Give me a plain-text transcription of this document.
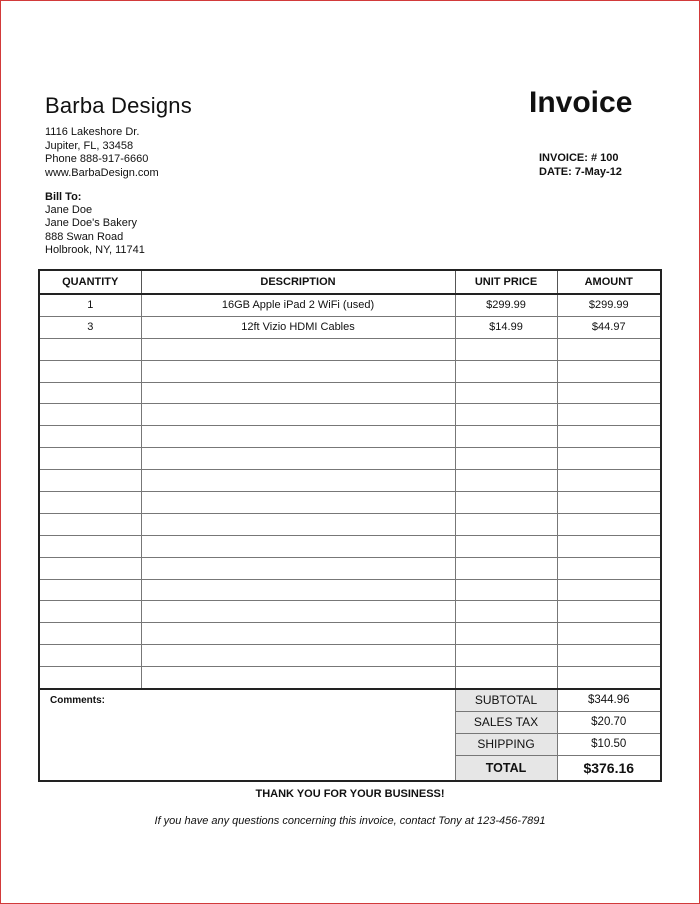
Barba Designs
1116 Lakeshore Dr.
Jupiter, FL, 33458
Phone 888-917-6660
www.BarbaDesign.com
Invoice
INVOICE: # 100
DATE: 7-May-12
Bill To:
Jane Doe
Jane Doe's Bakery
888 Swan Road
Holbrook, NY, 11741
QUANTITY	DESCRIPTION	UNIT PRICE	AMOUNT
1	16GB Apple iPad 2 WiFi (used)	$299.99	$299.99
3	12ft Vizio HDMI Cables	$14.99	$44.97

Comments:		SUBTOTAL	$344.96
		SALES TAX	$20.70
		SHIPPING	$10.50
		TOTAL	$376.16
THANK YOU FOR YOUR BUSINESS!
If you have any questions concerning this invoice, contact Tony at 123-456-7891
